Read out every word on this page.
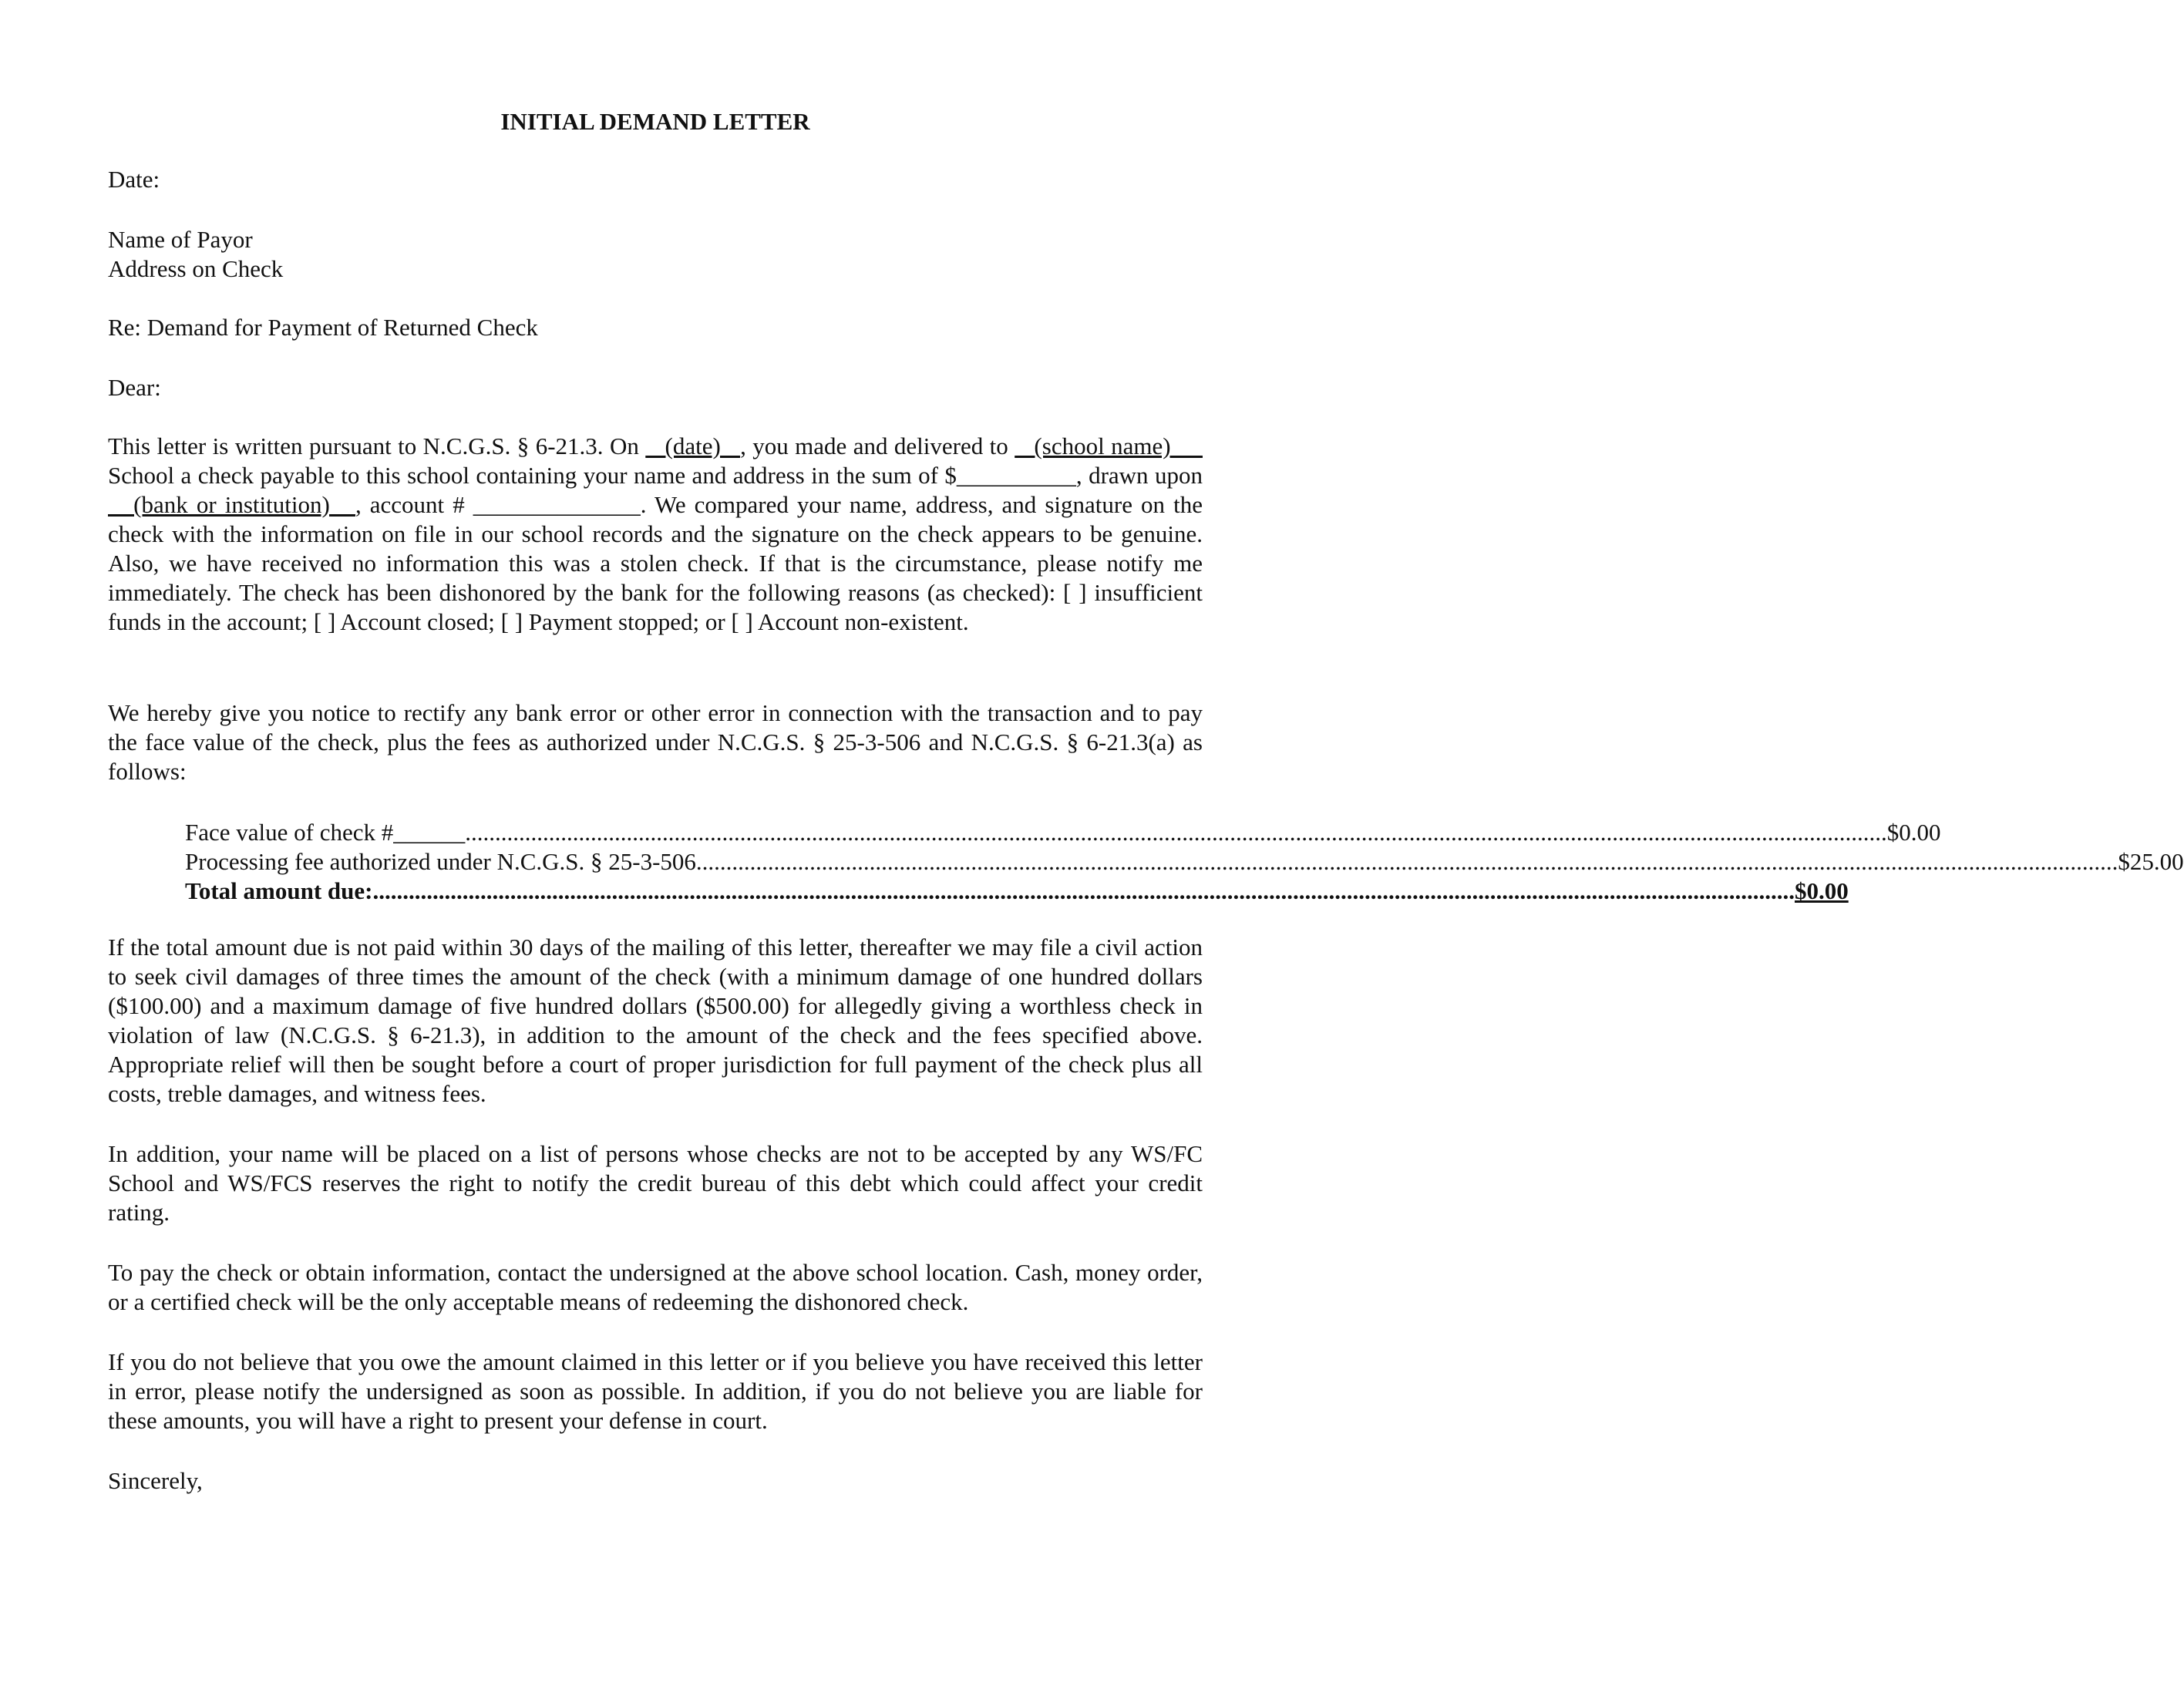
INITIAL DEMAND LETTER
Date:
Name of Payor
Address on Check
Re: Demand for Payment of Returned Check
Dear:
This letter is written pursuant to N.C.G.S. § 6-21.3. On    (date)   , you made and delivered to    (school name)      School a check payable to this school containing your name and address in the sum of $__________, drawn upon    (bank or institution)   , account # ______________. We compared your name, address, and signature on the check with the information on file in our school records and the signature on the check appears to be genuine. Also, we have received no information this was a stolen check. If that is the circumstance, please notify me immediately. The check has been dishonored by the bank for the following reasons (as checked): [ ] insufficient funds in the account; [ ] Account closed; [ ] Payment stopped; or [ ] Account non-existent.
We hereby give you notice to rectify any bank error or other error in connection with the transaction and to pay the face value of the check, plus the fees as authorized under N.C.G.S. § 25-3-506 and N.C.G.S. § 6-21.3(a) as follows:
Face value of check #______ .............................................................................................................................................................................................................................................. $0.00
Processing fee authorized under N.C.G.S. § 25-3-506 .............................................................................................................................................................................................................................................. $25.00
Total amount due: .............................................................................................................................................................................................................................................. $0.00
If the total amount due is not paid within 30 days of the mailing of this letter, thereafter we may file a civil action to seek civil damages of three times the amount of the check (with a minimum damage of one hundred dollars ($100.00) and a maximum damage of five hundred dollars ($500.00) for allegedly giving a worthless check in violation of law (N.C.G.S. § 6-21.3), in addition to the amount of the check and the fees specified above. Appropriate relief will then be sought before a court of proper jurisdiction for full payment of the check plus all costs, treble damages, and witness fees.
In addition, your name will be placed on a list of persons whose checks are not to be accepted by any WS/FC School and WS/FCS reserves the right to notify the credit bureau of this debt which could affect your credit rating.
To pay the check or obtain information, contact the undersigned at the above school location. Cash, money order, or a certified check will be the only acceptable means of redeeming the dishonored check.
If you do not believe that you owe the amount claimed in this letter or if you believe you have received this letter in error, please notify the undersigned as soon as possible. In addition, if you do not believe you are liable for these amounts, you will have a right to present your defense in court.
Sincerely,
